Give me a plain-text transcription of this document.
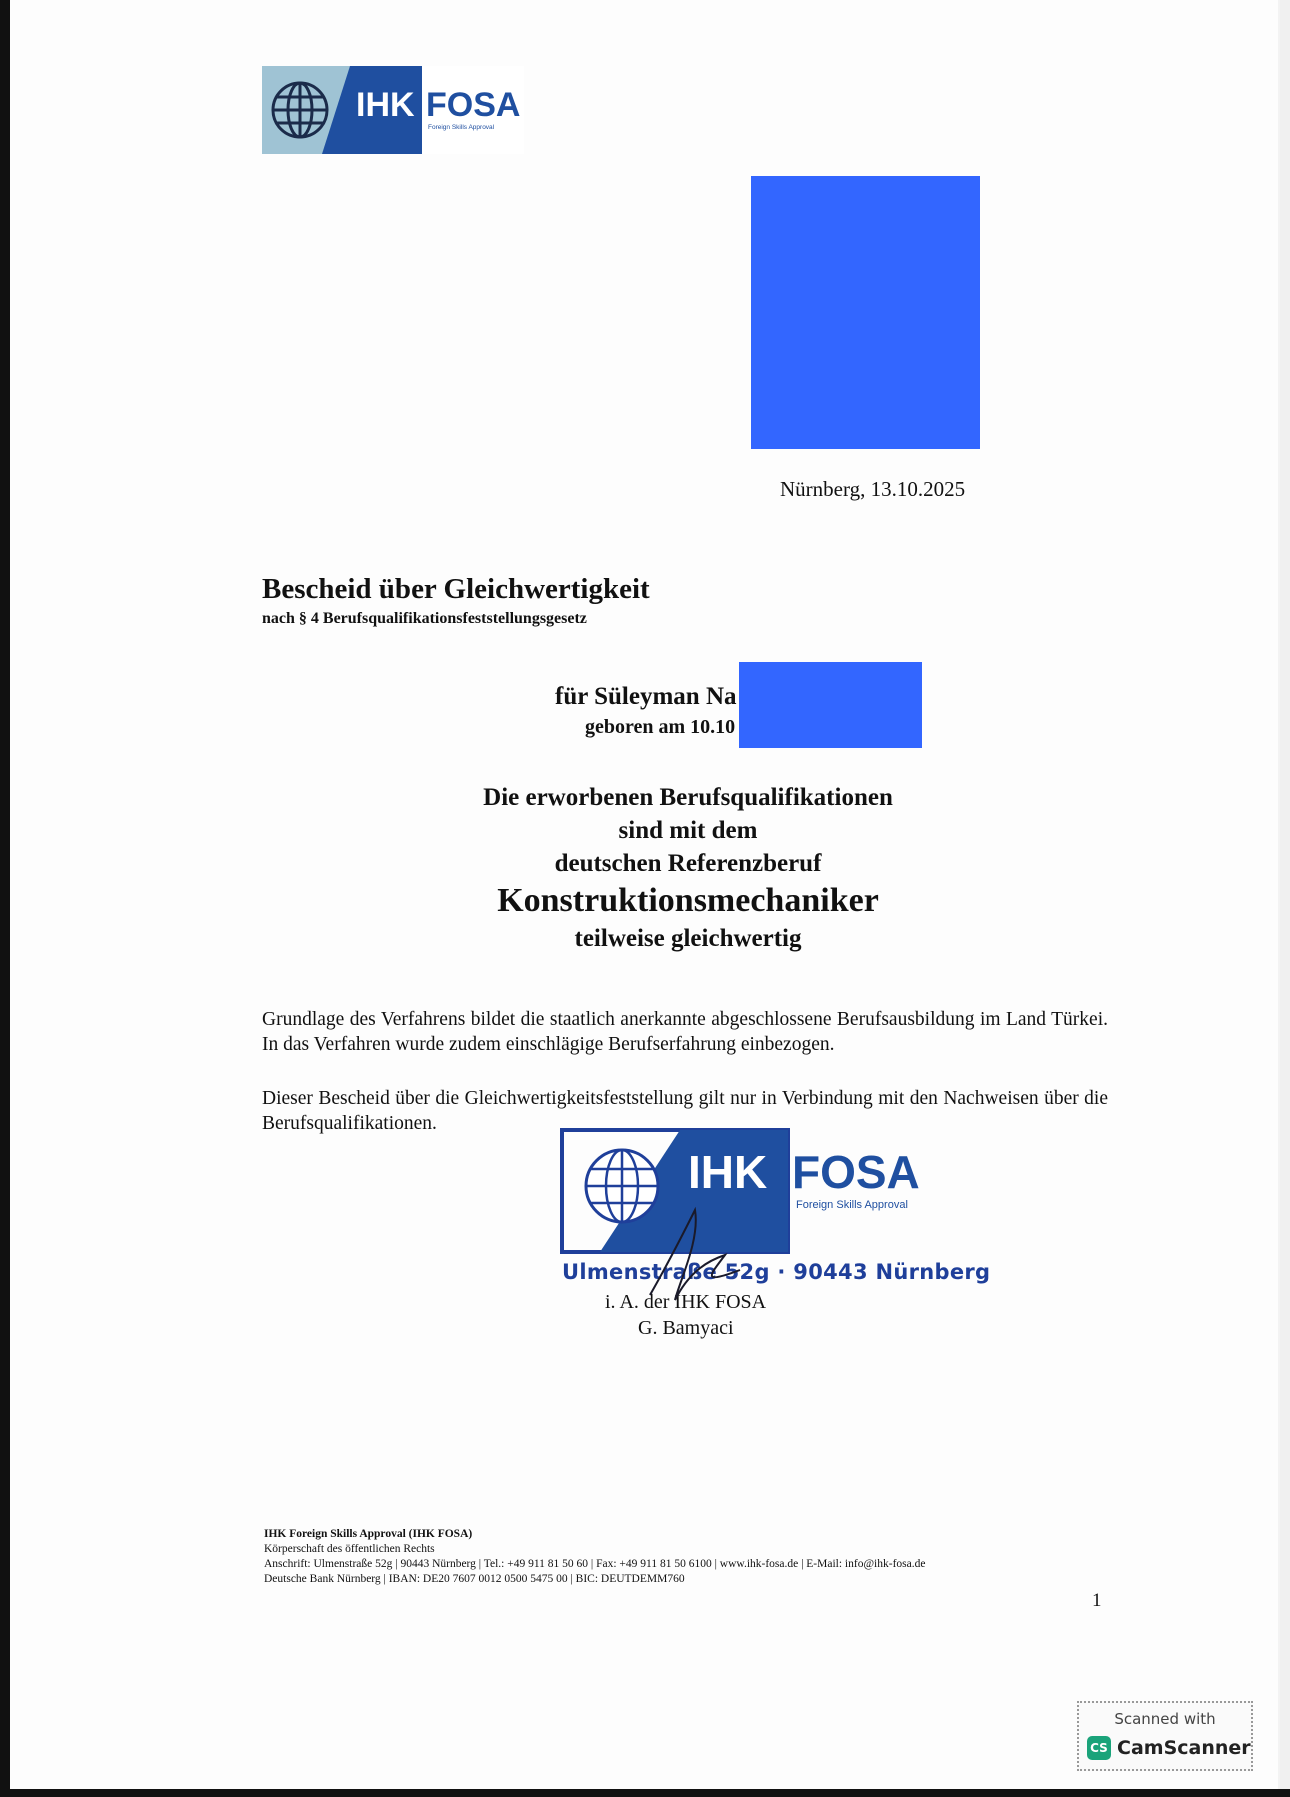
IHK FOSA
Foreign Skills Approval
Nürnberg, 13.10.2025
Bescheid über Gleichwertigkeit
nach § 4 Berufsqualifikationsfeststellungsgesetz
für Süleyman Na
geboren am 10.10
Die erworbenen Berufsqualifikationen
sind mit dem
deutschen Referenzberuf
Konstruktionsmechaniker
teilweise gleichwertig
Grundlage des Verfahrens bildet die staatlich anerkannte abgeschlossene Berufsausbildung im Land Türkei. In das Verfahren wurde zudem einschlägige Berufserfahrung einbezogen.
Dieser Bescheid über die Gleichwertigkeitsfeststellung gilt nur in Verbindung mit den Nachweisen über die Berufsqualifikationen.
IHK FOSA
Foreign Skills Approval
Ulmenstraße 52g · 90443 Nürnberg
i. A. der IHK FOSA
G. Bamyaci
IHK Foreign Skills Approval (IHK FOSA)
Körperschaft des öffentlichen Rechts
Anschrift: Ulmenstraße 52g | 90443 Nürnberg | Tel.: +49 911 81 50 60 | Fax: +49 911 81 50 6100 | www.ihk-fosa.de | E-Mail: info@ihk-fosa.de
Deutsche Bank Nürnberg | IBAN: DE20 7607 0012 0500 5475 00 | BIC: DEUTDEMM760
1
Scanned with
CS CamScanner
